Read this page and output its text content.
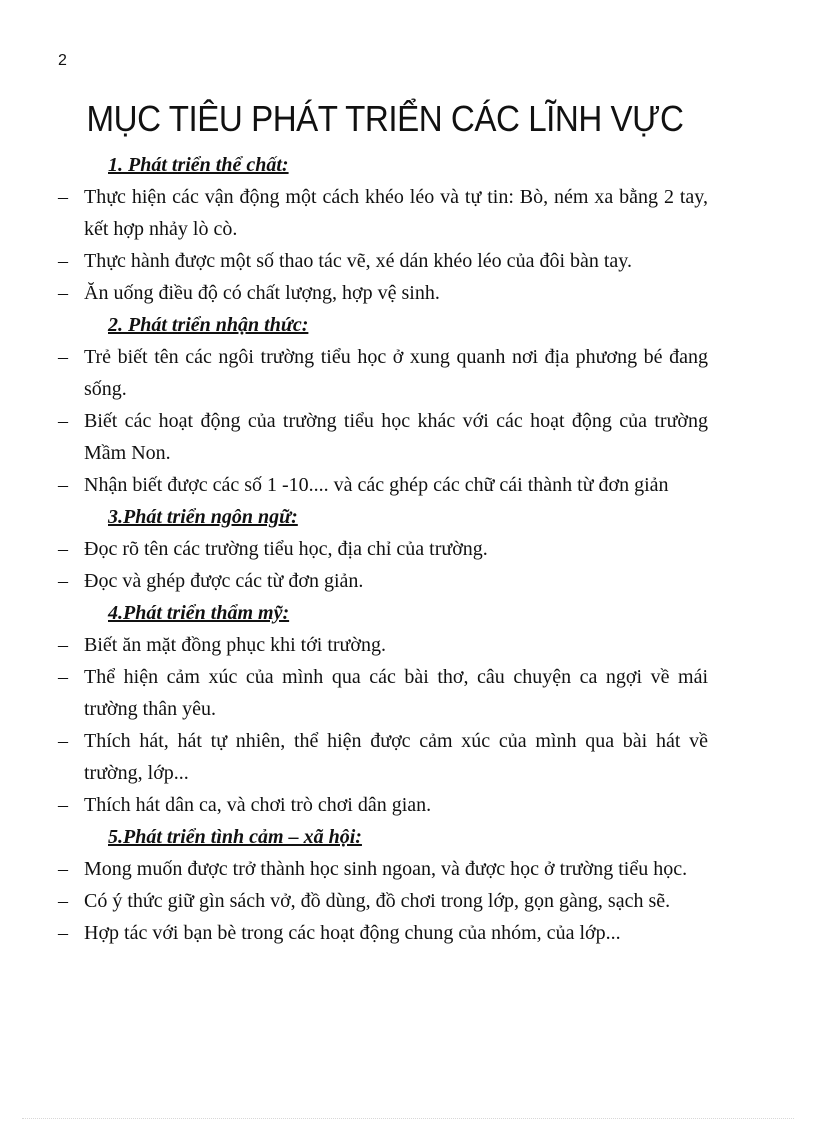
2
MỤC TIÊU PHÁT TRIỂN CÁC LĨNH VỰC
1. Phát triển thể chất:
– Thực hiện các vận động một cách khéo léo và tự tin: Bò, ném xa bằng 2 tay, kết hợp nhảy lò cò.
– Thực hành được một số thao tác vẽ, xé dán khéo léo của đôi bàn tay.
– Ăn uống điều độ có chất lượng, hợp vệ sinh.
2. Phát triển nhận thức:
– Trẻ biết tên các ngôi trường tiểu học ở xung quanh nơi địa phương bé đang sống.
– Biết các hoạt động của trường tiểu học khác với các hoạt động của trường Mầm Non.
– Nhận biết được các số 1 -10.... và các ghép các chữ cái thành từ đơn giản
3.Phát triển ngôn ngữ:
– Đọc rõ tên các trường tiểu học, địa chỉ của trường.
– Đọc và ghép được các từ đơn giản.
4.Phát triển thẩm mỹ:
– Biết ăn mặt đồng phục khi tới trường.
– Thể hiện cảm xúc của mình qua các bài thơ, câu chuyện ca ngợi về mái trường thân yêu.
– Thích hát, hát tự nhiên, thể hiện được cảm xúc của mình qua bài hát về trường, lớp...
– Thích hát dân ca, và chơi trò chơi dân gian.
5.Phát triển tình cảm – xã hội:
– Mong muốn được trở thành học sinh ngoan, và được học ở trường tiểu học.
– Có ý thức giữ gìn sách vở, đồ dùng, đồ chơi trong lớp, gọn gàng, sạch sẽ.
– Hợp tác với bạn bè trong các hoạt động chung của nhóm, của lớp...
